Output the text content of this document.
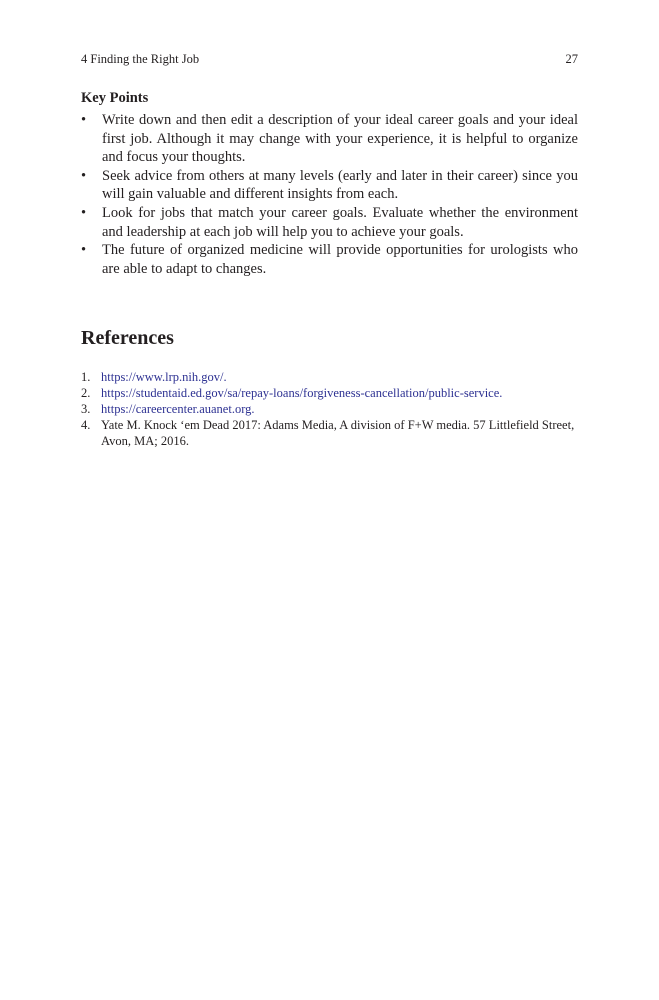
4 Finding the Right Job	27
Key Points
• Write down and then edit a description of your ideal career goals and your ideal first job. Although it may change with your experience, it is helpful to organize and focus your thoughts.
• Seek advice from others at many levels (early and later in their career) since you will gain valuable and different insights from each.
• Look for jobs that match your career goals. Evaluate whether the environment and leadership at each job will help you to achieve your goals.
• The future of organized medicine will provide opportunities for urologists who are able to adapt to changes.
References
1. https://www.lrp.nih.gov/.
2. https://studentaid.ed.gov/sa/repay-loans/forgiveness-cancellation/public-service.
3. https://careercenter.auanet.org.
4. Yate M. Knock ‘em Dead 2017: Adams Media, A division of F+W media. 57 Littlefield Street, Avon, MA; 2016.
